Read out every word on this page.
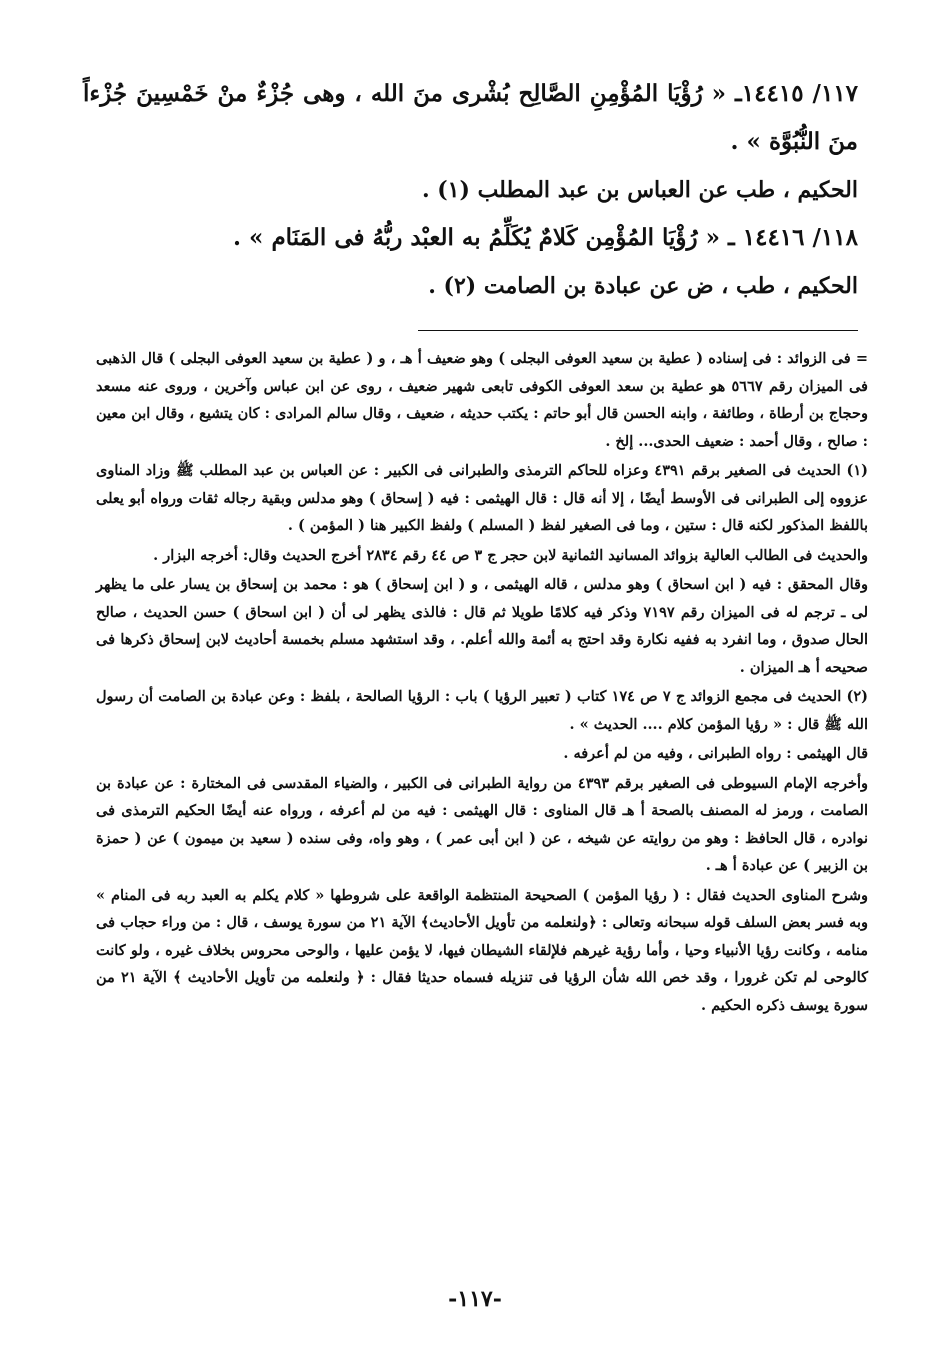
١١٧/ ١٤٤١٥ـ « رُؤْيَا المُؤْمِنِ الصَّالِح بُشْرى منَ الله ، وهى جُزْءٌ منْ خَمْسِينَ جُزْءاً منَ النُّبُوَّة » .

الحكيم ، طب عن العباس بن عبد المطلب (١) .

١١٨/ ١٤٤١٦ ـ « رُؤْيَا المُؤْمِن كَلامٌ يُكَلِّمُ به العبْد ربُّهُ فى المَنَام » .

الحكيم ، طب ، ض عن عبادة بن الصامت (٢) .

= فى الزوائد : فى إسناده ( عطية بن سعيد العوفى البجلى ) وهو ضعيف أ هـ ، و ( عطية بن سعيد العوفى البجلى ) قال الذهبى فى الميزان رقم ٥٦٦٧ هو عطية بن سعد العوفى الكوفى تابعى شهير ضعيف ، روى عن ابن عباس وآخرين ، وروى عنه مسعد وحجاج بن أرطاة ، وطائفة ، وابنه الحسن قال أبو حاتم : يكتب حديثه ، ضعيف ، وقال سالم المرادى : كان يتشيع ، وقال ابن معين : صالح ، وقال أحمد : ضعيف الحدى... إلخ .

(١) الحديث فى الصغير برقم ٤٣٩١ وعزاه للحاكم الترمذى والطبرانى فى الكبير : عن العباس بن عبد المطلب ﷺ وزاد المناوى عزووه إلى الطبرانى فى الأوسط أيضًا ، إلا أنه قال : قال الهيثمى : فيه ( إسحاق ) وهو مدلس وبقية رجاله ثقات ورواه أبو يعلى باللفظ المذكور لكنه قال : ستين ، وما فى الصغير لفظ ( المسلم ) ولفظ الكبير هنا ( المؤمن ) .

والحديث فى الطالب العالية بزوائد المسانيد الثمانية لابن حجر ج ٣ ص ٤٤ رقم ٢٨٣٤ أخرج الحديث وقال: أخرجه البزار .

وقال المحقق : فيه ( ابن اسحاق ) وهو مدلس ، قاله الهيثمى ، و ( ابن إسحاق ) هو : محمد بن إسحاق بن يسار على ما يظهر لى ـ ترجم له فى الميزان رقم ٧١٩٧ وذكر فيه كلامًا طويلا ثم قال : فالذى يظهر لى أن ( ابن اسحاق ) حسن الحديث ، صالح الحال صدوق ، وما انفرد به ففيه نكارة وقد احتج به أئمة والله أعلم. ، وقد استشهد مسلم بخمسة أحاديث لابن إسحاق ذكرها فى صحيحه أ هـ الميزان .

(٢) الحديث فى مجمع الزوائد ج ٧ ص ١٧٤ كتاب ( تعبير الرؤيا ) باب : الرؤيا الصالحة ، بلفظ : وعن عبادة بن الصامت أن رسول الله ﷺ قال : « رؤيا المؤمن كلام .... الحديث » .

قال الهيثمى : رواه الطبرانى ، وفيه من لم أعرفه .

وأخرجه الإمام السيوطى فى الصغير برقم ٤٣٩٣ من رواية الطبرانى فى الكبير ، والضياء المقدسى فى المختارة : عن عبادة بن الصامت ، ورمز له المصنف بالصحة أ هـ قال المناوى : قال الهيثمى : فيه من لم أعرفه ، ورواه عنه أيضًا الحكيم الترمذى فى نوادره ، قال الحافظ : وهو من روايته عن شيخه ، عن ( ابن أبى عمر ) ، وهو واه، وفى سنده ( سعيد بن ميمون ) عن ( حمزة بن الزبير ) عن عبادة أ هـ .

وشرح المناوى الحديث فقال : ( رؤيا المؤمن ) الصحيحة المنتظمة الواقعة على شروطها « كلام يكلم به العبد ربه فى المنام » وبه فسر بعض السلف قوله سبحانه وتعالى : ﴿ولنعلمه من تأويل الأحاديث﴾ الآية ٢١ من سورة يوسف ، قال : من وراء حجاب فى منامه ، وكانت رؤيا الأنبياء وحيا ، وأما رؤية غيرهم فلإلقاء الشيطان فيها، لا يؤمن عليها ، والوحى محروس بخلاف غيره ، ولو كانت كالوحى لم تكن غرورا ، وقد خص الله شأن الرؤيا فى تنزيله فسماه حديثا فقال : ﴿ ولنعلمه من تأويل الأحاديث ﴾ الآية ٢١ من سورة يوسف ذكره الحكيم .

-١١٧-
